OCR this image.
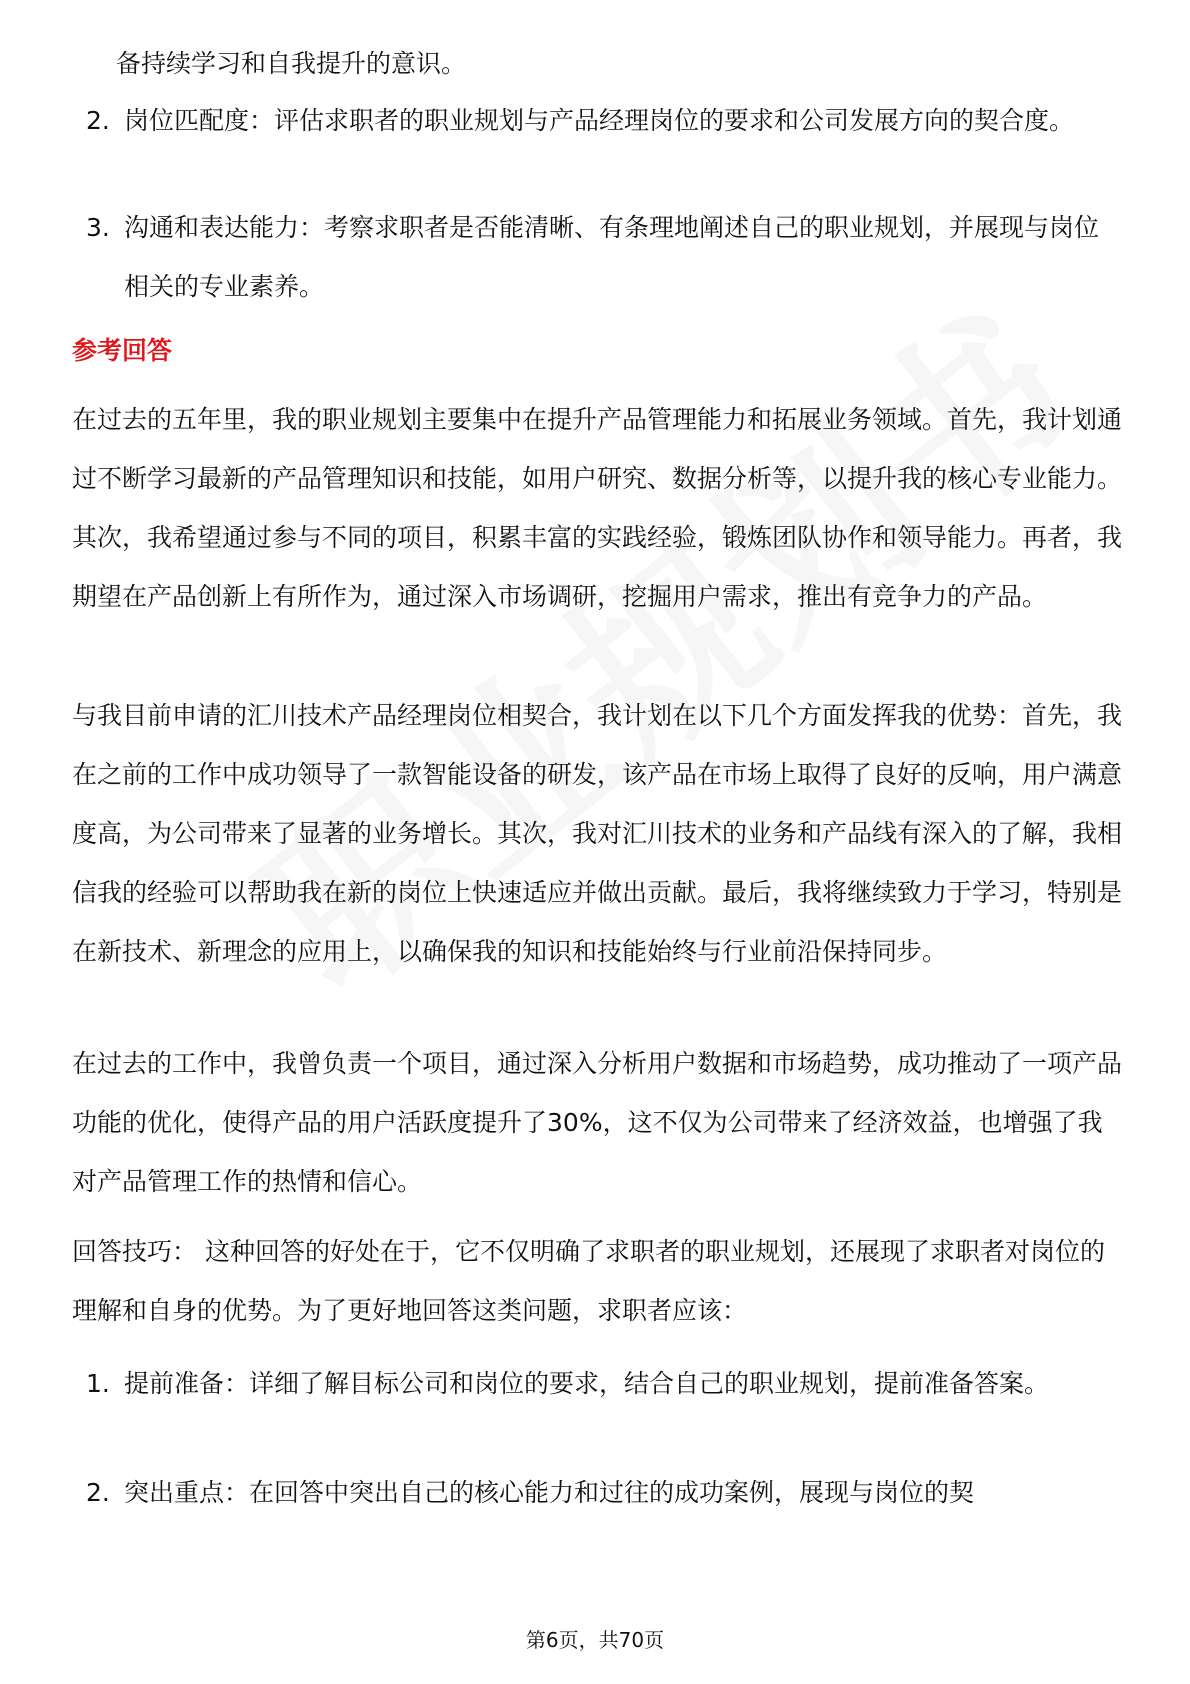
备持续学习和自我提升的意识。
2. 岗位匹配度：评估求职者的职业规划与产品经理岗位的要求和公司发展方向的契合度。
3. 沟通和表达能力：考察求职者是否能清晰、有条理地阐述自己的职业规划，并展现与岗位相关的专业素养。
参考回答
在过去的五年里，我的职业规划主要集中在提升产品管理能力和拓展业务领域。首先，我计划通过不断学习最新的产品管理知识和技能，如用户研究、数据分析等，以提升我的核心专业能力。其次，我希望通过参与不同的项目，积累丰富的实践经验，锻炼团队协作和领导能力。再者，我期望在产品创新上有所作为，通过深入市场调研，挖掘用户需求，推出有竞争力的产品。
与我目前申请的汇川技术产品经理岗位相契合，我计划在以下几个方面发挥我的优势：首先，我在之前的工作中成功领导了一款智能设备的研发，该产品在市场上取得了良好的反响，用户满意度高，为公司带来了显著的业务增长。其次，我对汇川技术的业务和产品线有深入的了解，我相信我的经验可以帮助我在新的岗位上快速适应并做出贡献。最后，我将继续致力于学习，特别是在新技术、新理念的应用上，以确保我的知识和技能始终与行业前沿保持同步。
在过去的工作中，我曾负责一个项目，通过深入分析用户数据和市场趋势，成功推动了一项产品功能的优化，使得产品的用户活跃度提升了30%，这不仅为公司带来了经济效益，也增强了我对产品管理工作的热情和信心。
回答技巧： 这种回答的好处在于，它不仅明确了求职者的职业规划，还展现了求职者对岗位的理解和自身的优势。为了更好地回答这类问题，求职者应该：
1. 提前准备：详细了解目标公司和岗位的要求，结合自己的职业规划，提前准备答案。
2. 突出重点：在回答中突出自己的核心能力和过往的成功案例，展现与岗位的契
第6页，共70页
